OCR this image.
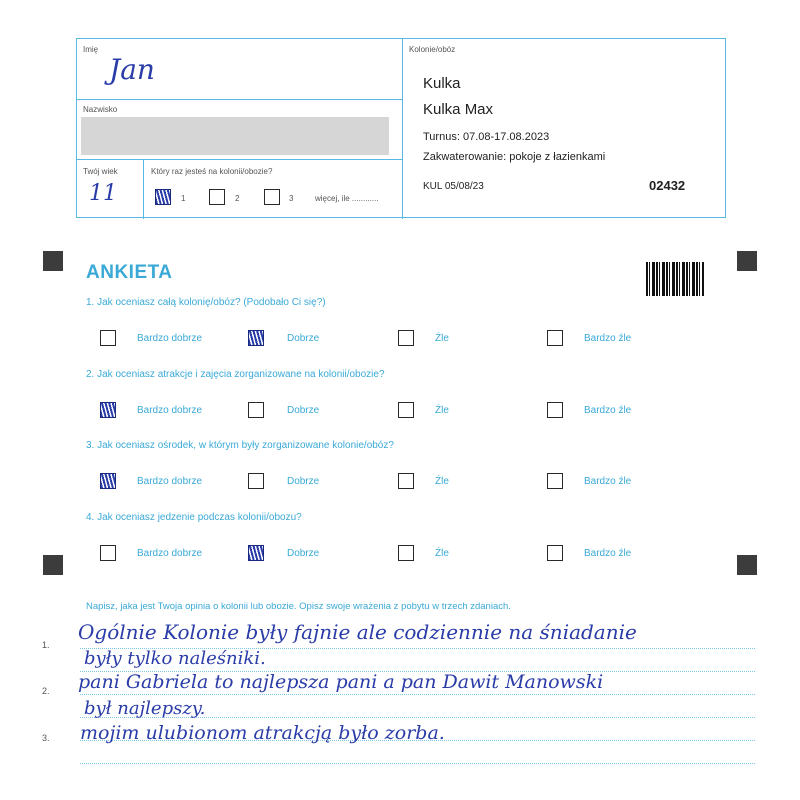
Imię
Jan
Nazwisko
Twój wiek
11
Który raz jesteś na kolonii/obozie?
1	2	3	więcej, ile ............
Kolonie/obóz
Kulka
Kulka Max
Turnus: 07.08-17.08.2023
Zakwaterowanie: pokoje z łazienkami
KUL 05/08/23	02432
ANKIETA
1. Jak oceniasz całą kolonię/obóz? (Podobało Ci się?)
Bardzo dobrze	Dobrze	Źle	Bardzo źle
2. Jak oceniasz atrakcje i zajęcia zorganizowane na kolonii/obozie?
Bardzo dobrze	Dobrze	Źle	Bardzo źle
3. Jak oceniasz ośrodek, w którym były zorganizowane kolonie/obóz?
Bardzo dobrze	Dobrze	Źle	Bardzo źle
4. Jak oceniasz jedzenie podczas kolonii/obozu?
Bardzo dobrze	Dobrze	Źle	Bardzo źle
Napisz, jaka jest Twoja opinia o kolonii lub obozie. Opisz swoje wrażenia z pobytu w trzech zdaniach.
1.
2.
3.
Ogólnie Kolonie były fajnie ale codziennie na śniadanie
były tylko naleśniki.
pani Gabriela to najlepsza pani a pan Dawit Manowski
był najlepszy.
mojim ulubionom atrakcją było zorba.
